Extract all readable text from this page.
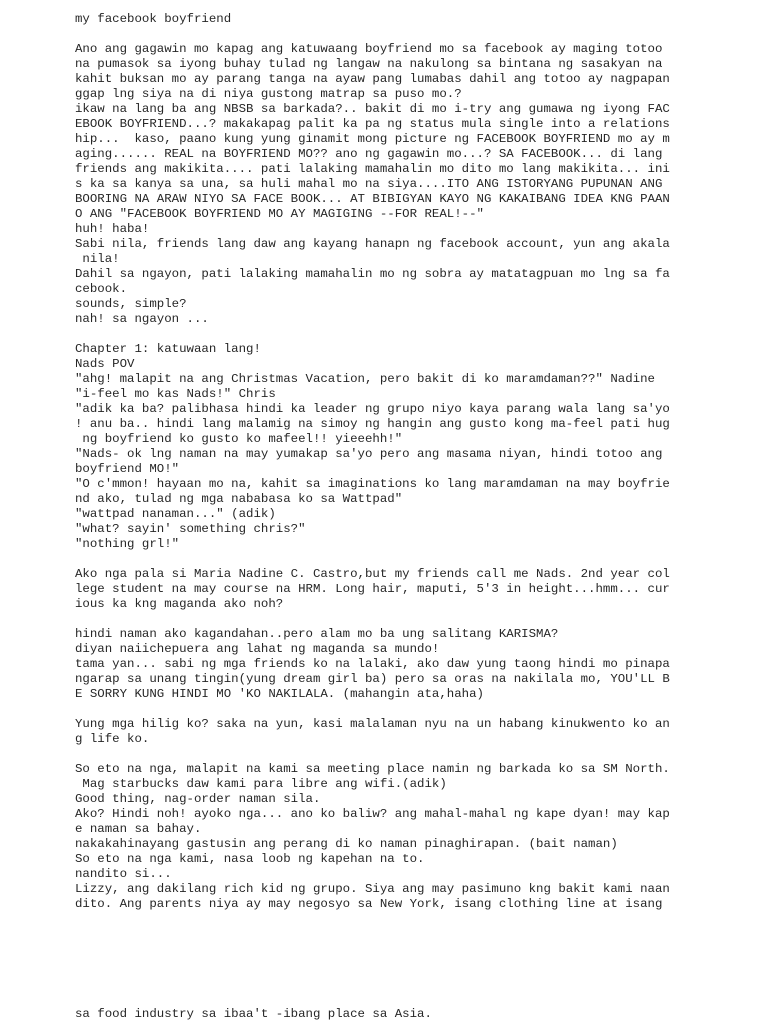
my facebook boyfriend
Ano ang gagawin mo kapag ang katuwaang boyfriend mo sa facebook ay maging totoo
na pumasok sa iyong buhay tulad ng langaw na nakulong sa bintana ng sasakyan na
kahit buksan mo ay parang tanga na ayaw pang lumabas dahil ang totoo ay nagpapan
ggap lng siya na di niya gustong matrap sa puso mo.?
ikaw na lang ba ang NBSB sa barkada?.. bakit di mo i-try ang gumawa ng iyong FAC
EBOOK BOYFRIEND...? makakapag palit ka pa ng status mula single into a relations
hip...  kaso, paano kung yung ginamit mong picture ng FACEBOOK BOYFRIEND mo ay m
aging...... REAL na BOYFRIEND MO?? ano ng gagawin mo...? SA FACEBOOK... di lang
friends ang makikita.... pati lalaking mamahalin mo dito mo lang makikita... ini
s ka sa kanya sa una, sa huli mahal mo na siya....ITO ANG ISTORYANG PUPUNAN ANG
BOORING NA ARAW NIYO SA FACE BOOK... AT BIBIGYAN KAYO NG KAKAIBANG IDEA KNG PAAN
O ANG "FACEBOOK BOYFRIEND MO AY MAGIGING --FOR REAL!--"
huh! haba!
Sabi nila, friends lang daw ang kayang hanapn ng facebook account, yun ang akala
nila!
Dahil sa ngayon, pati lalaking mamahalin mo ng sobra ay matatagpuan mo lng sa fa
cebook.
sounds, simple?
nah! sa ngayon ...
Chapter 1: katuwaan lang!
Nads POV
"ahg! malapit na ang Christmas Vacation, pero bakit di ko maramdaman??" Nadine
"i-feel mo kas Nads!" Chris
"adik ka ba? palibhasa hindi ka leader ng grupo niyo kaya parang wala lang sa'yo
! anu ba.. hindi lang malamig na simoy ng hangin ang gusto kong ma-feel pati hug
ng boyfriend ko gusto ko mafeel!! yieeehh!"
"Nads- ok lng naman na may yumakap sa'yo pero ang masama niyan, hindi totoo ang
boyfriend MO!"
"O c'mmon! hayaan mo na, kahit sa imaginations ko lang maramdaman na may boyfrie
nd ako, tulad ng mga nababasa ko sa Wattpad"
"wattpad nanaman..." (adik)
"what? sayin' something chris?"
"nothing grl!"
Ako nga pala si Maria Nadine C. Castro,but my friends call me Nads. 2nd year col
lege student na may course na HRM. Long hair, maputi, 5'3 in height...hmm... cur
ious ka kng maganda ako noh?
hindi naman ako kagandahan..pero alam mo ba ung salitang KARISMA?
diyan naiichepuera ang lahat ng maganda sa mundo!
tama yan... sabi ng mga friends ko na lalaki, ako daw yung taong hindi mo pinapa
ngarap sa unang tingin(yung dream girl ba) pero sa oras na nakilala mo, YOU'LL B
E SORRY KUNG HINDI MO 'KO NAKILALA. (mahangin ata,haha)
Yung mga hilig ko? saka na yun, kasi malalaman nyu na un habang kinukwento ko an
g life ko.
So eto na nga, malapit na kami sa meeting place namin ng barkada ko sa SM North.
Mag starbucks daw kami para libre ang wifi.(adik)
Good thing, nag-order naman sila.
Ako? Hindi noh! ayoko nga... ano ko baliw? ang mahal-mahal ng kape dyan! may kap
e naman sa bahay.
nakakahinayang gastusin ang perang di ko naman pinaghirapan. (bait naman)
So eto na nga kami, nasa loob ng kapehan na to.
nandito si...
Lizzy, ang dakilang rich kid ng grupo. Siya ang may pasimuno kng bakit kami naan
dito. Ang parents niya ay may negosyo sa New York, isang clothing line at isang
sa food industry sa ibaa't -ibang place sa Asia.
